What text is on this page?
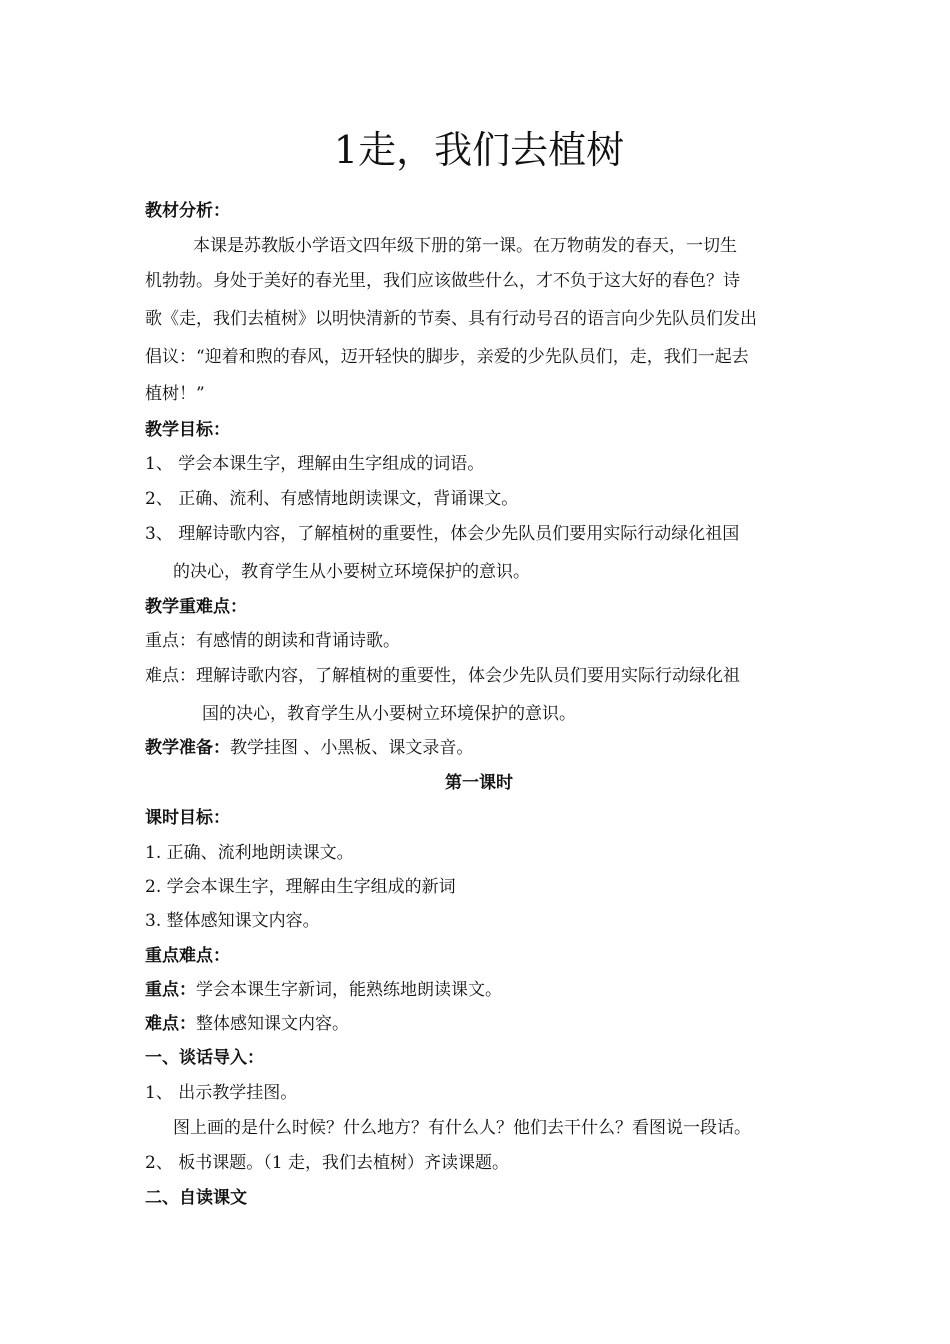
1走，我们去植树
教材分析：
本课是苏教版小学语文四年级下册的第一课。在万物萌发的春天，一切生
机勃勃。身处于美好的春光里，我们应该做些什么，才不负于这大好的春色？诗
歌《走，我们去植树》以明快清新的节奏、具有行动号召的语言向少先队员们发出
倡议：“迎着和煦的春风，迈开轻快的脚步，亲爱的少先队员们，走，我们一起去
植树！”
教学目标：
1、 学会本课生字，理解由生字组成的词语。
2、 正确、流利、有感情地朗读课文，背诵课文。
3、 理解诗歌内容，了解植树的重要性，体会少先队员们要用实际行动绿化祖国
的决心，教育学生从小要树立环境保护的意识。
教学重难点：
重点：有感情的朗读和背诵诗歌。
难点：理解诗歌内容，了解植树的重要性，体会少先队员们要用实际行动绿化祖
国的决心，教育学生从小要树立环境保护的意识。
教学准备：教学挂图 、小黑板、课文录音。
第一课时
课时目标：
1. 正确、流利地朗读课文。
2. 学会本课生字，理解由生字组成的新词
3. 整体感知课文内容。
重点难点：
重点：学会本课生字新词，能熟练地朗读课文。
难点：整体感知课文内容。
一、谈话导入：
1、 出示教学挂图。
图上画的是什么时候？什么地方？有什么人？他们去干什么？看图说一段话。
2、 板书课题。（1 走，我们去植树）齐读课题。
二、自读课文
